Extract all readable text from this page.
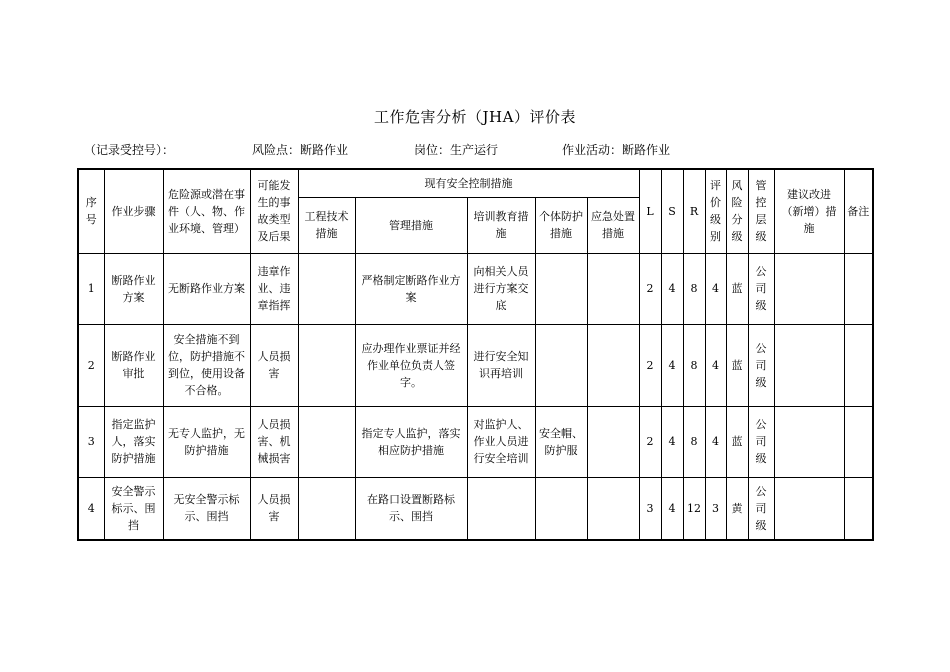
工作危害分析（JHA）评价表
（记录受控号）：	风险点：断路作业	岗位：生产运行	作业活动：断路作业
序号	作业步骤	危险源或潜在事件（人、物、作业环境、管理）	可能发生的事故类型及后果	现有安全控制措施					L	S	R	评价级别	风险分级	管控层级	建议改进（新增）措施	备注
				工程技术措施	管理措施	培训教育措施	个体防护措施	应急处置措施								
1	断路作业方案	无断路作业方案	违章作业、违章指挥		严格制定断路作业方案	向相关人员进行方案交底			2	4	8	4	蓝	公司级		
2	断路作业审批	安全措施不到位，防护措施不到位，使用设备不合格。	人员损害		应办理作业票证并经作业单位负责人签字。	进行安全知识再培训			2	4	8	4	蓝	公司级		
3	指定监护人，落实防护措施	无专人监护，无防护措施	人员损害、机械损害		指定专人监护，落实相应防护措施	对监护人、作业人员进行安全培训	安全帽、防护服		2	4	8	4	蓝	公司级		
4	安全警示标示、围挡	无安全警示标示、围挡	人员损害		在路口设置断路标示、围挡				3	4	12	3	黄	公司级		
